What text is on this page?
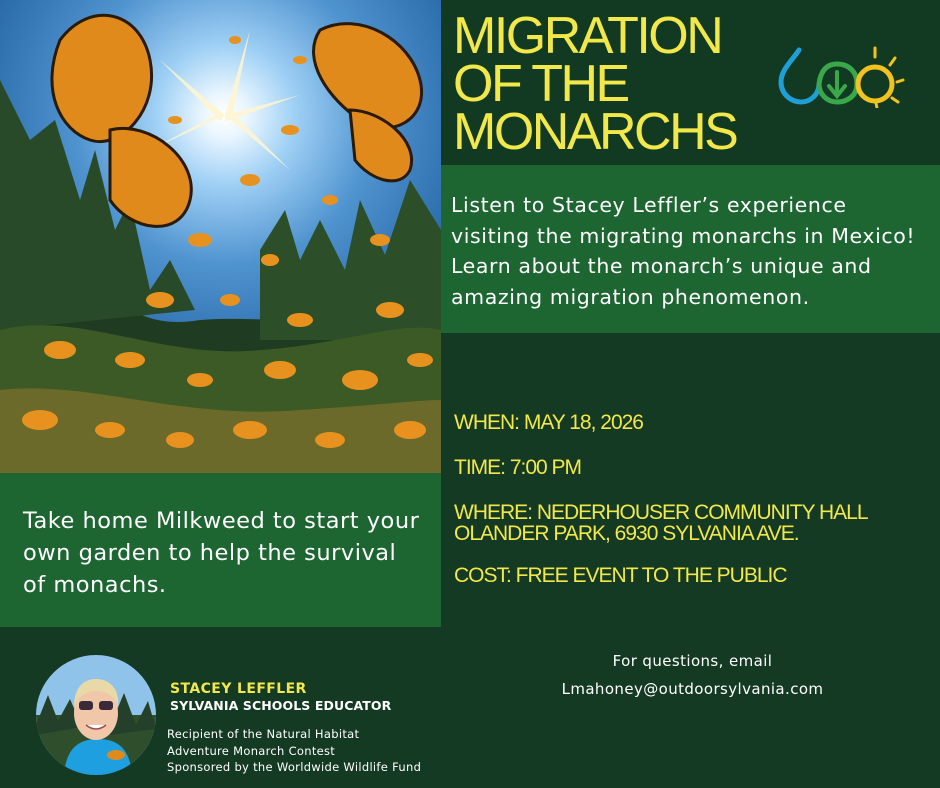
MIGRATION
OF THE
MONARCHS

Listen to Stacey Leffler’s experience visiting the migrating monarchs in Mexico! Learn about the monarch’s unique and amazing migration phenomenon.

Take home Milkweed to start your own garden to help the survival of monachs.

WHEN: MAY 18, 2026
TIME: 7:00 PM
WHERE: NEDERHOUSER COMMUNITY HALL
OLANDER PARK, 6930 SYLVANIA AVE.
COST: FREE EVENT TO THE PUBLIC
For questions, email
Lmahoney@outdoorsylvania.com
STACEY LEFFLER
SYLVANIA SCHOOLS EDUCATOR
Recipient of the Natural Habitat
Adventure Monarch Contest
Sponsored by the Worldwide Wildlife Fund
